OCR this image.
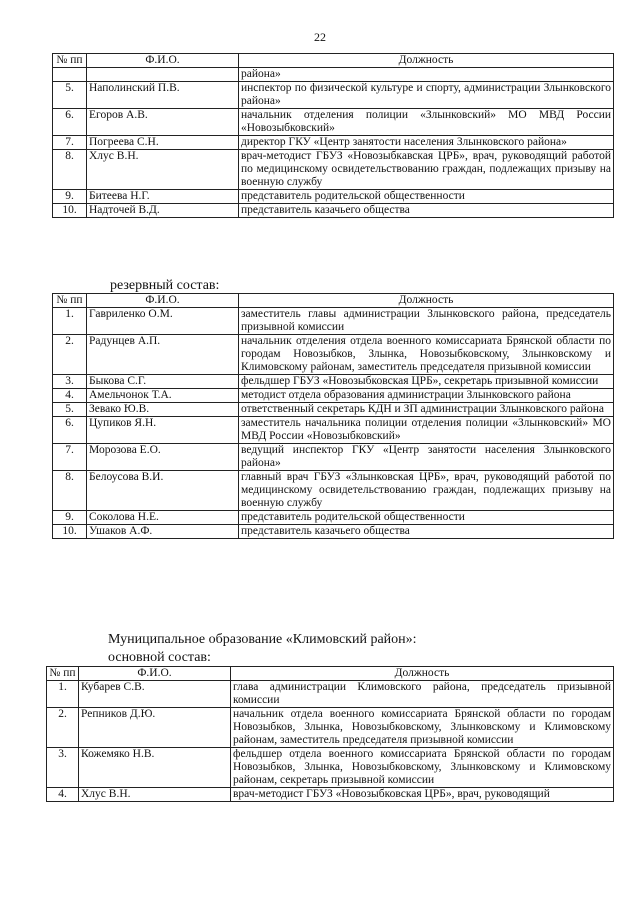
22
№ пп	Ф.И.О.	Должность
		района»
5.	Наполинский П.В.	инспектор по физической культуре и спорту, администрации Злынковского района»
6.	Егоров А.В.	начальник отделения полиции «Злынковский» МО МВД России «Новозыбковский»
7.	Погреева С.Н.	директор ГКУ «Центр занятости населения Злынковского района»
8.	Хлус В.Н.	врач-методист ГБУЗ «Новозыбкавская ЦРБ», врач, руководящий работой по медицинскому освидетельствованию граждан, подлежащих призыву на военную службу
9.	Битеева Н.Г.	представитель родительской общественности
10.	Надточей В.Д.	представитель казачьего общества
резервный состав:
№ пп	Ф.И.О.	Должность
1.	Гавриленко О.М.	заместитель главы администрации Злынковского района, председатель призывной комиссии
2.	Радунцев А.П.	начальник отделения отдела военного комиссариата Брянской области по городам Новозыбков, Злынка, Новозыбковскому, Злынковскому и Климовскому районам, заместитель председателя призывной комиссии
3.	Быкова С.Г.	фельдшер ГБУЗ «Новозыбковская ЦРБ», секретарь призывной комиссии
4.	Амельчонок Т.А.	методист отдела образования администрации Злынковского района
5.	Зевако Ю.В.	ответственный секретарь КДН и ЗП администрации Злынковского района
6.	Цупиков Я.Н.	заместитель начальника полиции отделения полиции «Злынковский» МО МВД России «Новозыбковский»
7.	Морозова Е.О.	ведущий инспектор ГКУ «Центр занятости населения Злынковского района»
8.	Белоусова В.И.	главный врач ГБУЗ «Злынковская ЦРБ», врач, руководящий работой по медицинскому освидетельствованию граждан, подлежащих призыву на военную службу
9.	Соколова Н.Е.	представитель родительской общественности
10.	Ушаков А.Ф.	представитель казачьего общества
Муниципальное образование «Климовский район»:
основной состав:
№ пп	Ф.И.О.	Должность
1.	Кубарев С.В.	глава администрации Климовского района, председатель призывной комиссии
2.	Репников Д.Ю.	начальник отдела военного комиссариата Брянской области по городам Новозыбков, Злынка, Новозыбковскому, Злынковскому и Климовскому районам, заместитель председателя призывной комиссии
3.	Кожемяко Н.В.	фельдшер отдела военного комиссариата Брянской области по городам Новозыбков, Злынка, Новозыбковскому, Злынковскому и Климовскому районам, секретарь призывной комиссии
4.	Хлус В.Н.	врач-методист ГБУЗ «Новозыбковская ЦРБ», врач, руководящий
